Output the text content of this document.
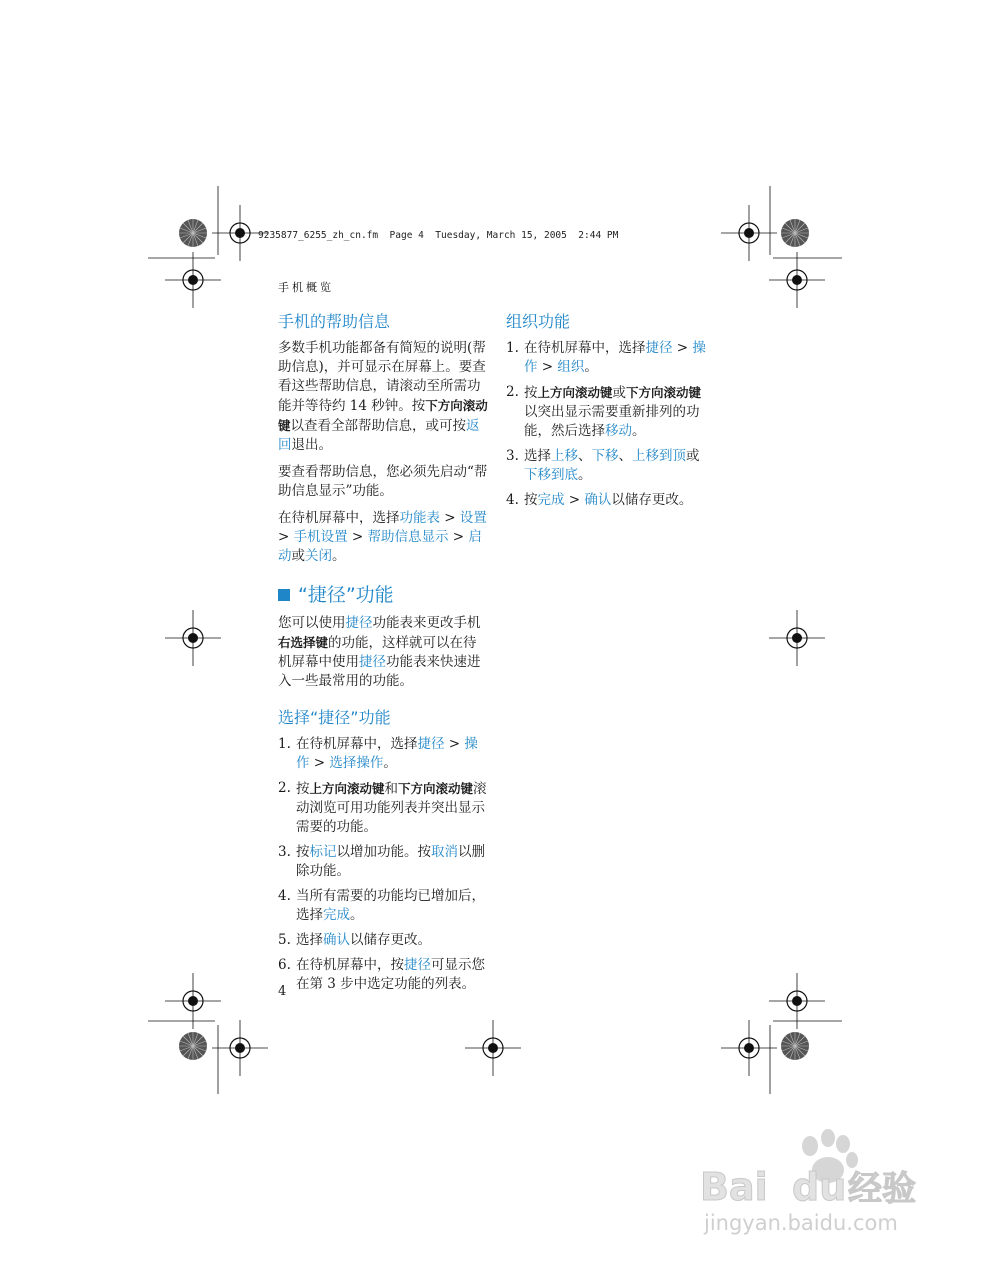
9235877_6255_zh_cn.fm  Page 4  Tuesday, March 15, 2005  2:44 PM
手机概览
手机的帮助信息

多数手机功能都备有简短的说明(帮助信息)，并可显示在屏幕上。要查看这些帮助信息，请滚动至所需功能并等待约 14 秒钟。按下方向滚动键以查看全部帮助信息，或可按返回退出。

要查看帮助信息，您必须先启动“帮助信息显示”功能。

在待机屏幕中，选择功能表 > 设置 > 手机设置 > 帮助信息显示 > 启动或关闭。

“捷径”功能

您可以使用捷径功能表来更改手机右选择键的功能，这样就可以在待机屏幕中使用捷径功能表来快速进入一些最常用的功能。

选择“捷径”功能
1. 在待机屏幕中，选择捷径 > 操作 > 选择操作。
2. 按上方向滚动键和下方向滚动键滚动浏览可用功能列表并突出显示需要的功能。
3. 按标记以增加功能。按取消以删除功能。
4. 当所有需要的功能均已增加后，选择完成。
5. 选择确认以储存更改。
6. 在待机屏幕中，按捷径可显示您在第 3 步中选定功能的列表。
组织功能
1. 在待机屏幕中，选择捷径 > 操作 > 组织。
2. 按上方向滚动键或下方向滚动键以突出显示需要重新排列的功能，然后选择移动。
3. 选择上移、下移、上移到顶或下移到底。
4. 按完成 > 确认以储存更改。
4
Bai du 经验
jingyan.baidu.com
